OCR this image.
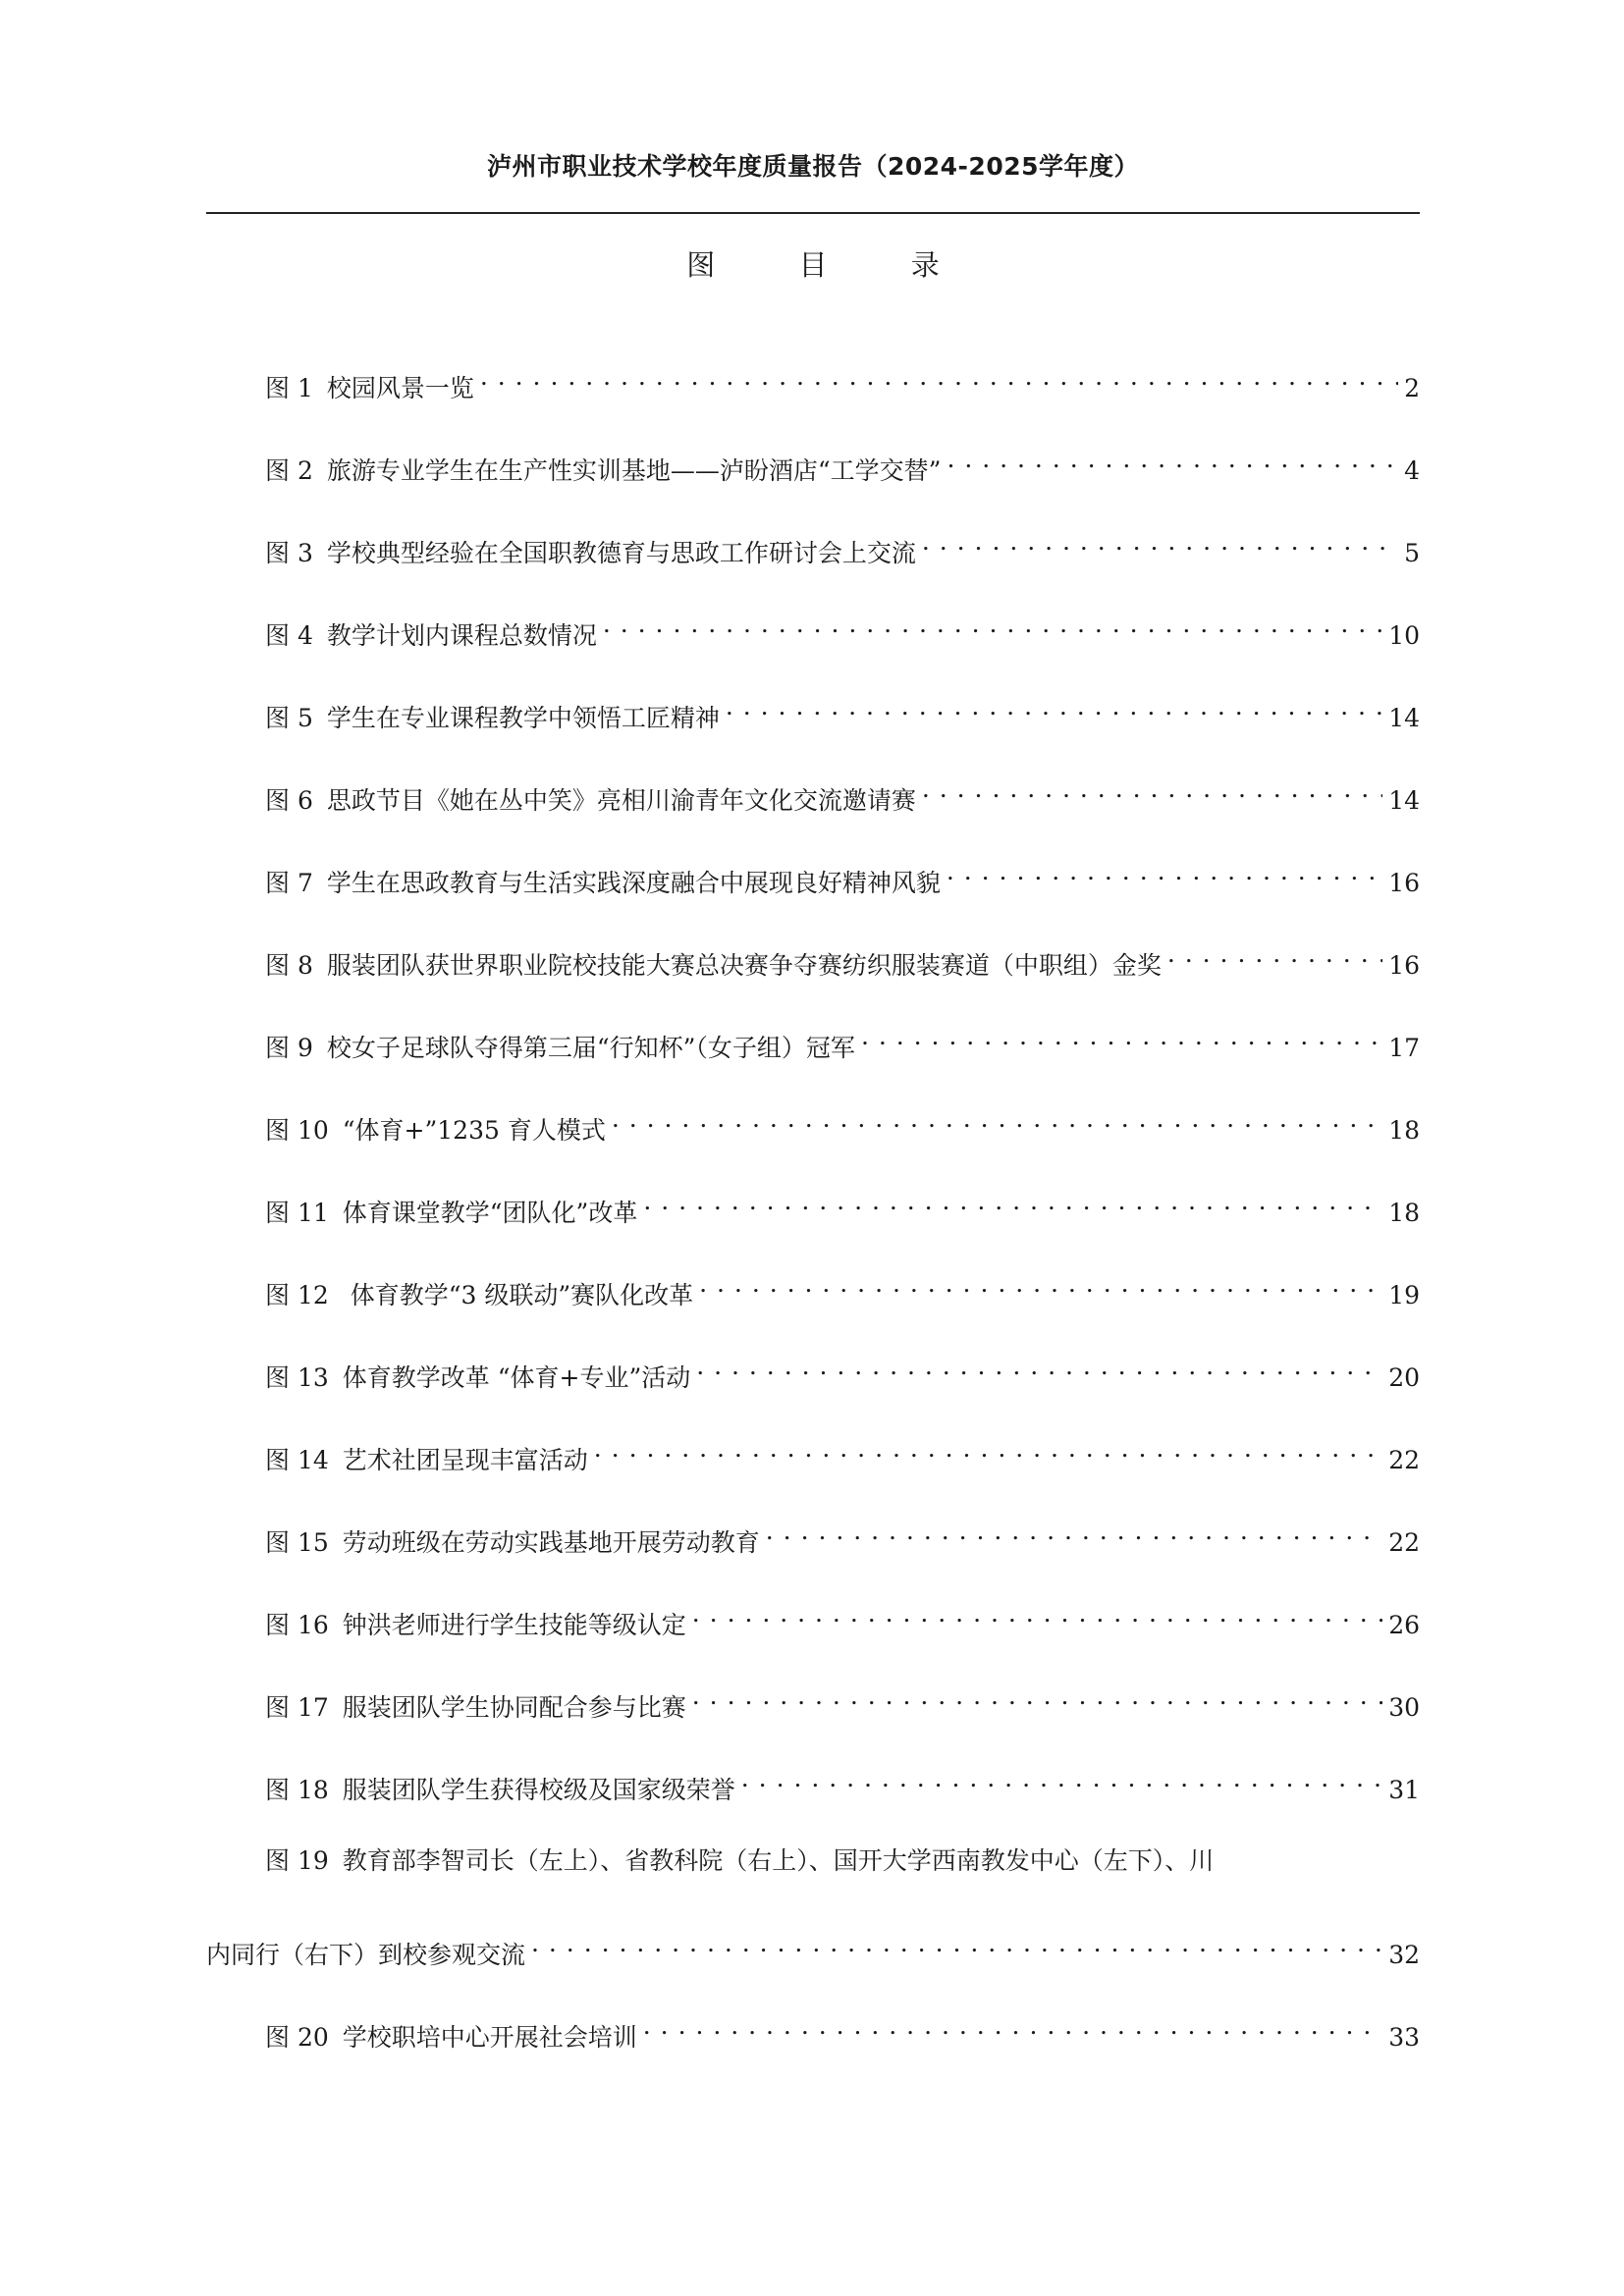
泸州市职业技术学校年度质量报告（2024-2025学年度）
图	目	录
图 1 校园风景一览 . . .	2
图 2 旅游专业学生在生产性实训基地——泸盼酒店“工学交替” . . .	4
图 3 学校典型经验在全国职教德育与思政工作研讨会上交流 . . .	5
图 4 教学计划内课程总数情况 . . .	10
图 5 学生在专业课程教学中领悟工匠精神 . . .	14
图 6 思政节目《她在丛中笑》亮相川渝青年文化交流邀请赛 . . .	14
图 7 学生在思政教育与生活实践深度融合中展现良好精神风貌 . . .	16
图 8 服装团队获世界职业院校技能大赛总决赛争夺赛纺织服装赛道（中职组）金奖 . . .	16
图 9 校女子足球队夺得第三届“行知杯”（女子组）冠军 . . .	17
图 10 “体育+”1235 育人模式 . . .	18
图 11 体育课堂教学“团队化”改革 . . .	18
图 12 体育教学“3 级联动”赛队化改革 . . .	19
图 13 体育教学改革 “体育+专业”活动 . . .	20
图 14 艺术社团呈现丰富活动 . . .	22
图 15 劳动班级在劳动实践基地开展劳动教育 . . .	22
图 16 钟洪老师进行学生技能等级认定 . . .	26
图 17 服装团队学生协同配合参与比赛 . . .	30
图 18 服装团队学生获得校级及国家级荣誉 . . .	31
图 19 教育部李智司长（左上）、省教科院（右上）、国开大学西南教发中心（左下）、川
内同行（右下）到校参观交流 . . .	32
图 20 学校职培中心开展社会培训 . . .	33
